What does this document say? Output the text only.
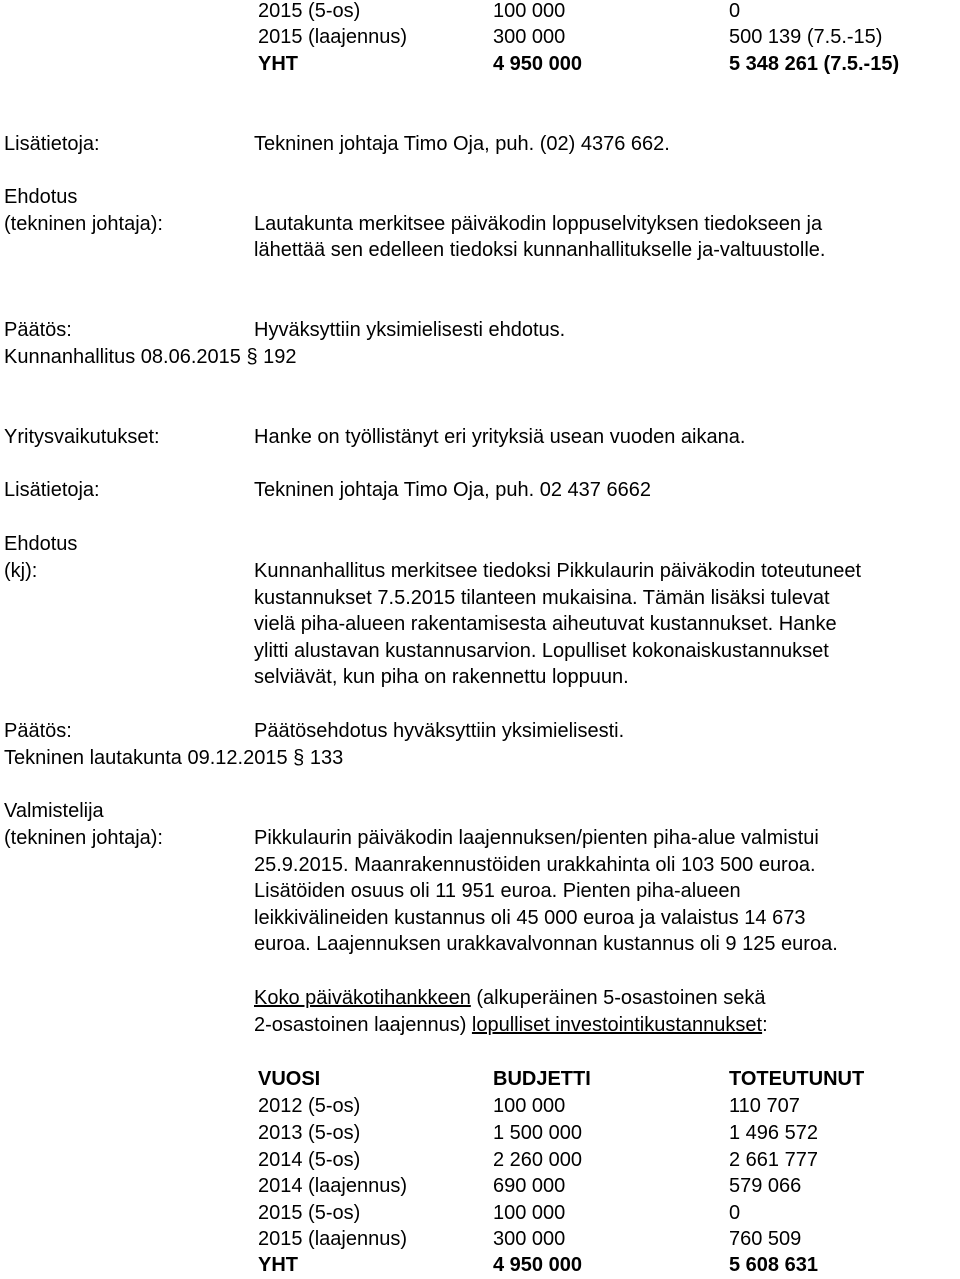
2015 (5-os)	100 000	0
2015 (laajennus)	300 000	500 139 (7.5.-15)
YHT	4 950 000	5 348 261 (7.5.-15)
Lisätietoja:	Tekninen johtaja Timo Oja, puh. (02) 4376 662.
Ehdotus
(tekninen johtaja):	Lautakunta merkitsee päiväkodin loppuselvityksen tiedokseen ja
lähettää sen edelleen tiedoksi kunnanhallitukselle ja-valtuustolle.
Päätös:	Hyväksyttiin yksimielisesti ehdotus.
Kunnanhallitus 08.06.2015 § 192
Yritysvaikutukset:	Hanke on työllistänyt eri yrityksiä usean vuoden aikana.
Lisätietoja:	Tekninen johtaja Timo Oja, puh. 02 437 6662
Ehdotus
(kj):	Kunnanhallitus merkitsee tiedoksi Pikkulaurin päiväkodin toteutuneet
kustannukset 7.5.2015 tilanteen mukaisina. Tämän lisäksi tulevat
vielä piha-alueen rakentamisesta aiheutuvat kustannukset. Hanke
ylitti alustavan kustannusarvion. Lopulliset kokonaiskustannukset
selviävät, kun piha on rakennettu loppuun.
Päätös:	Päätösehdotus hyväksyttiin yksimielisesti.
Tekninen lautakunta 09.12.2015 § 133
Valmistelija
(tekninen johtaja):	Pikkulaurin päiväkodin laajennuksen/pienten piha-alue valmistui
25.9.2015. Maanrakennustöiden urakkahinta oli 103 500 euroa.
Lisätöiden osuus oli 11 951 euroa. Pienten piha-alueen
leikkivälineiden kustannus oli 45 000 euroa ja valaistus 14 673
euroa. Laajennuksen urakkavalvonnan kustannus oli 9 125 euroa.
Koko päiväkotihankkeen (alkuperäinen 5-osastoinen sekä
2-osastoinen laajennus) lopulliset investointikustannukset:
VUOSI	BUDJETTI	TOTEUTUNUT
2012 (5-os)	100 000	110 707
2013 (5-os)	1 500 000	1 496 572
2014 (5-os)	2 260 000	2 661 777
2014 (laajennus)	690 000	579 066
2015 (5-os)	100 000	0
2015 (laajennus)	300 000	760 509
YHT	4 950 000	5 608 631
